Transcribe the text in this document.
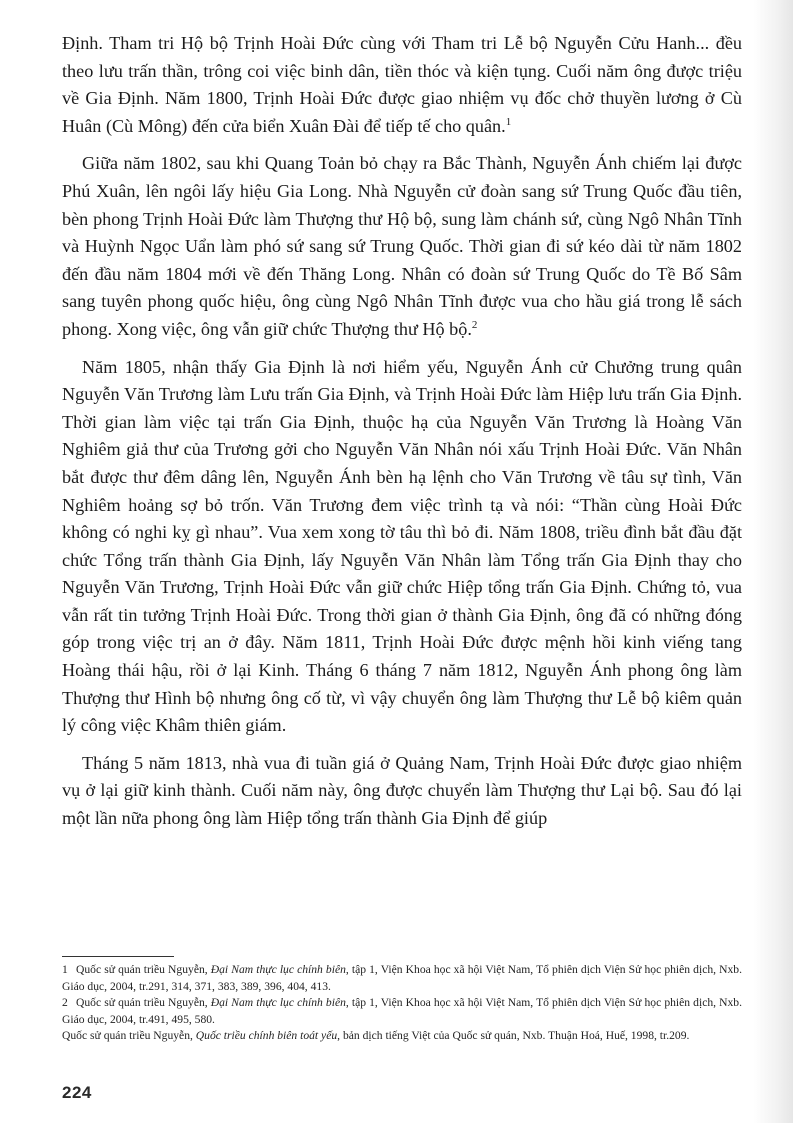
Định. Tham tri Hộ bộ Trịnh Hoài Đức cùng với Tham tri Lễ bộ Nguyễn Cửu Hanh... đều theo lưu trấn thần, trông coi việc binh dân, tiền thóc và kiện tụng. Cuối năm ông được triệu về Gia Định. Năm 1800, Trịnh Hoài Đức được giao nhiệm vụ đốc chở thuyền lương ở Cù Huân (Cù Mông) đến cửa biển Xuân Đài để tiếp tế cho quân.$^1$

Giữa năm 1802, sau khi Quang Toản bỏ chạy ra Bắc Thành, Nguyễn Ánh chiếm lại được Phú Xuân, lên ngôi lấy hiệu Gia Long. Nhà Nguyễn cử đoàn sang sứ Trung Quốc đầu tiên, bèn phong Trịnh Hoài Đức làm Thượng thư Hộ bộ, sung làm chánh sứ, cùng Ngô Nhân Tĩnh và Huỳnh Ngọc Uẩn làm phó sứ sang sứ Trung Quốc. Thời gian đi sứ kéo dài từ năm 1802 đến đầu năm 1804 mới về đến Thăng Long. Nhân có đoàn sứ Trung Quốc do Tề Bố Sâm sang tuyên phong quốc hiệu, ông cùng Ngô Nhân Tĩnh được vua cho hầu giá trong lễ sách phong. Xong việc, ông vẫn giữ chức Thượng thư Hộ bộ.$^2$

Năm 1805, nhận thấy Gia Định là nơi hiểm yếu, Nguyễn Ánh cử Chưởng trung quân Nguyễn Văn Trương làm Lưu trấn Gia Định, và Trịnh Hoài Đức làm Hiệp lưu trấn Gia Định. Thời gian làm việc tại trấn Gia Định, thuộc hạ của Nguyễn Văn Trương là Hoàng Văn Nghiêm giả thư của Trương gởi cho Nguyễn Văn Nhân nói xấu Trịnh Hoài Đức. Văn Nhân bắt được thư đêm dâng lên, Nguyễn Ánh bèn hạ lệnh cho Văn Trương về tâu sự tình, Văn Nghiêm hoảng sợ bỏ trốn. Văn Trương đem việc trình tạ và nói: “Thần cùng Hoài Đức không có nghi kỵ gì nhau”. Vua xem xong tờ tâu thì bỏ đi. Năm 1808, triều đình bắt đầu đặt chức Tổng trấn thành Gia Định, lấy Nguyễn Văn Nhân làm Tổng trấn Gia Định thay cho Nguyễn Văn Trương, Trịnh Hoài Đức vẫn giữ chức Hiệp tổng trấn Gia Định. Chứng tỏ, vua vẫn rất tin tưởng Trịnh Hoài Đức. Trong thời gian ở thành Gia Định, ông đã có những đóng góp trong việc trị an ở đây. Năm 1811, Trịnh Hoài Đức được mệnh hồi kinh viếng tang Hoàng thái hậu, rồi ở lại Kinh. Tháng 6 tháng 7 năm 1812, Nguyễn Ánh phong ông làm Thượng thư Hình bộ nhưng ông cố từ, vì vậy chuyển ông làm Thượng thư Lễ bộ kiêm quản lý công việc Khâm thiên giám.

Tháng 5 năm 1813, nhà vua đi tuần giá ở Quảng Nam, Trịnh Hoài Đức được giao nhiệm vụ ở lại giữ kinh thành. Cuối năm này, ông được chuyển làm Thượng thư Lại bộ. Sau đó lại một lần nữa phong ông làm Hiệp tổng trấn thành Gia Định để giúp

1 Quốc sử quán triều Nguyễn, Đại Nam thực lục chính biên, tập 1, Viện Khoa học xã hội Việt Nam, Tổ phiên dịch Viện Sử học phiên dịch, Nxb. Giáo dục, 2004, tr.291, 314, 371, 383, 389, 396, 404, 413.

2 Quốc sử quán triều Nguyễn, Đại Nam thực lục chính biên, tập 1, Viện Khoa học xã hội Việt Nam, Tổ phiên dịch Viện Sử học phiên dịch, Nxb. Giáo dục, 2004, tr.491, 495, 580.

Quốc sử quán triều Nguyễn, Quốc triều chính biên toát yếu, bản dịch tiếng Việt của Quốc sử quán, Nxb. Thuận Hoá, Huế, 1998, tr.209.

224
